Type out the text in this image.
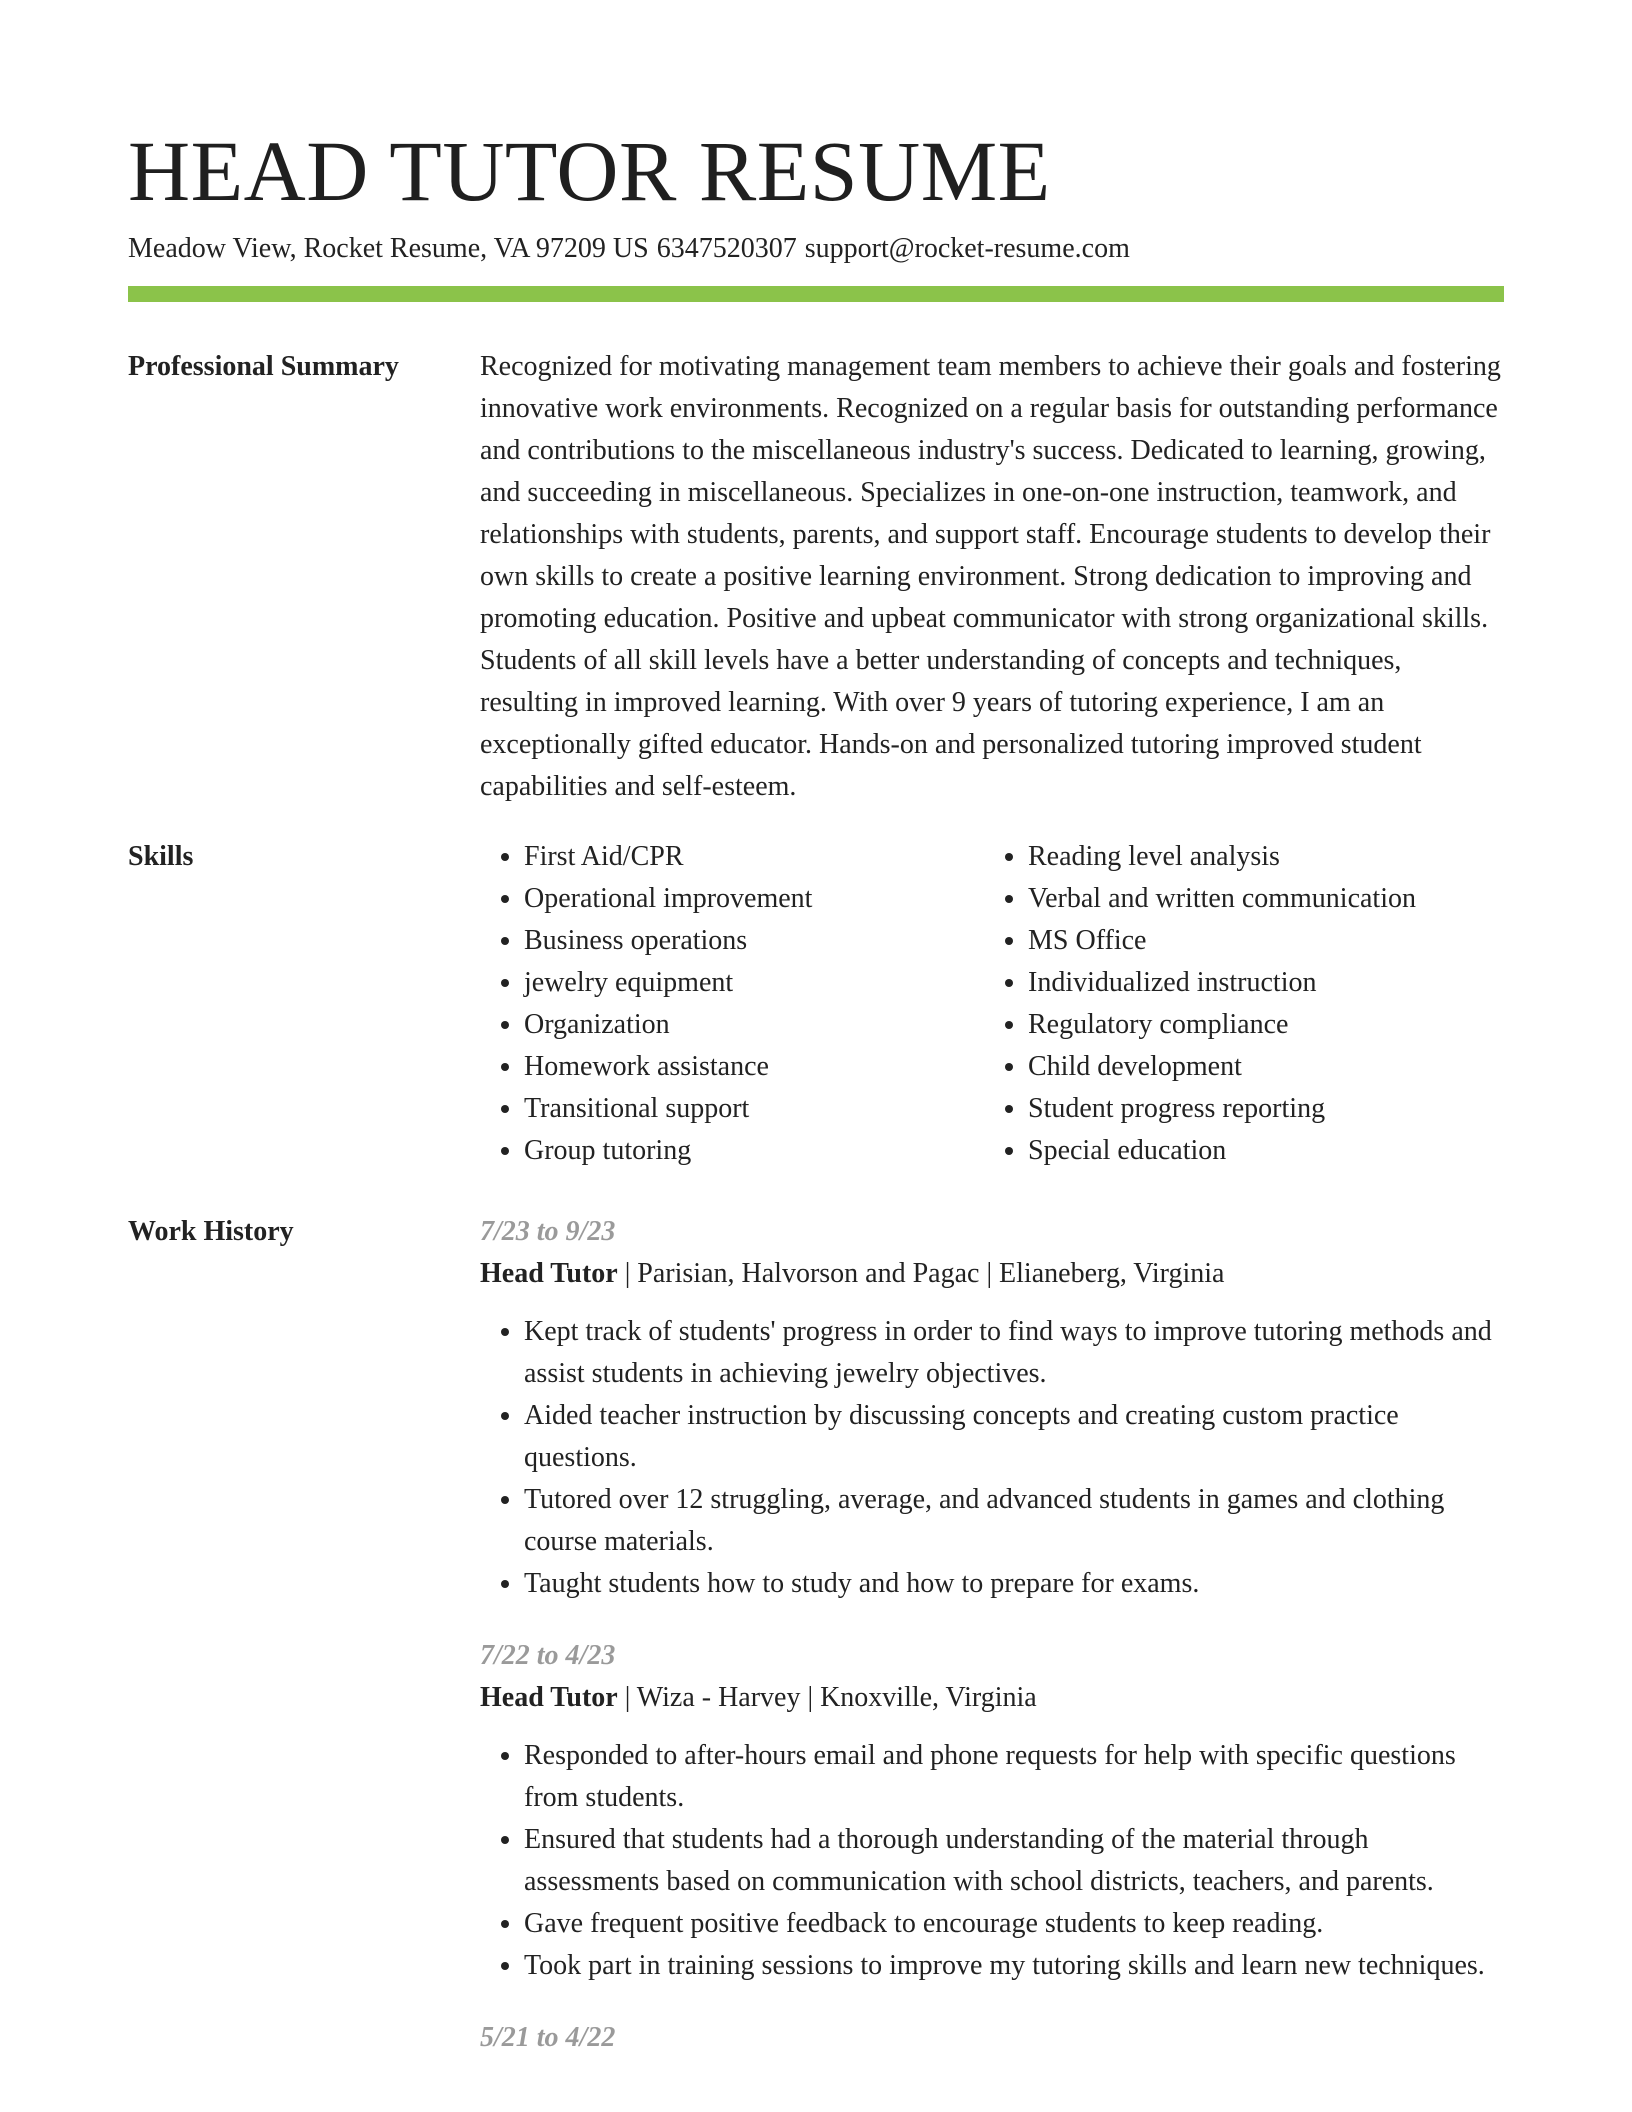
HEAD TUTOR RESUME
Meadow View, Rocket Resume, VA 97209 US 6347520307 support@rocket-resume.com
Professional Summary	Recognized for motivating management team members to achieve their goals and fostering innovative work environments. Recognized on a regular basis for outstanding performance and contributions to the miscellaneous industry's success. Dedicated to learning, growing, and succeeding in miscellaneous. Specializes in one-on-one instruction, teamwork, and relationships with students, parents, and support staff. Encourage students to develop their own skills to create a positive learning environment. Strong dedication to improving and promoting education. Positive and upbeat communicator with strong organizational skills. Students of all skill levels have a better understanding of concepts and techniques, resulting in improved learning. With over 9 years of tutoring experience, I am an exceptionally gifted educator. Hands-on and personalized tutoring improved student capabilities and self-esteem.

Skills
•	First Aid/CPR
• Operational improvement
• Business operations
• jewelry equipment
• Organization
• Homework assistance
• Transitional support
• Group tutoring
• Reading level analysis
• Verbal and written communication
• MS Office
• Individualized instruction
• Regulatory compliance
• Child development
• Student progress reporting
• Special education
Work History	7/23 to 9/23
Head Tutor | Parisian, Halvorson and Pagac | Elianeberg, Virginia
• Kept track of students' progress in order to find ways to improve tutoring methods and assist students in achieving jewelry objectives.
• Aided teacher instruction by discussing concepts and creating custom practice questions.
• Tutored over 12 struggling, average, and advanced students in games and clothing course materials.
• Taught students how to study and how to prepare for exams.
7/22 to 4/23
Head Tutor | Wiza - Harvey | Knoxville, Virginia
• Responded to after-hours email and phone requests for help with specific questions from students.
• Ensured that students had a thorough understanding of the material through assessments based on communication with school districts, teachers, and parents.
• Gave frequent positive feedback to encourage students to keep reading.
• Took part in training sessions to improve my tutoring skills and learn new techniques.
5/21 to 4/22
